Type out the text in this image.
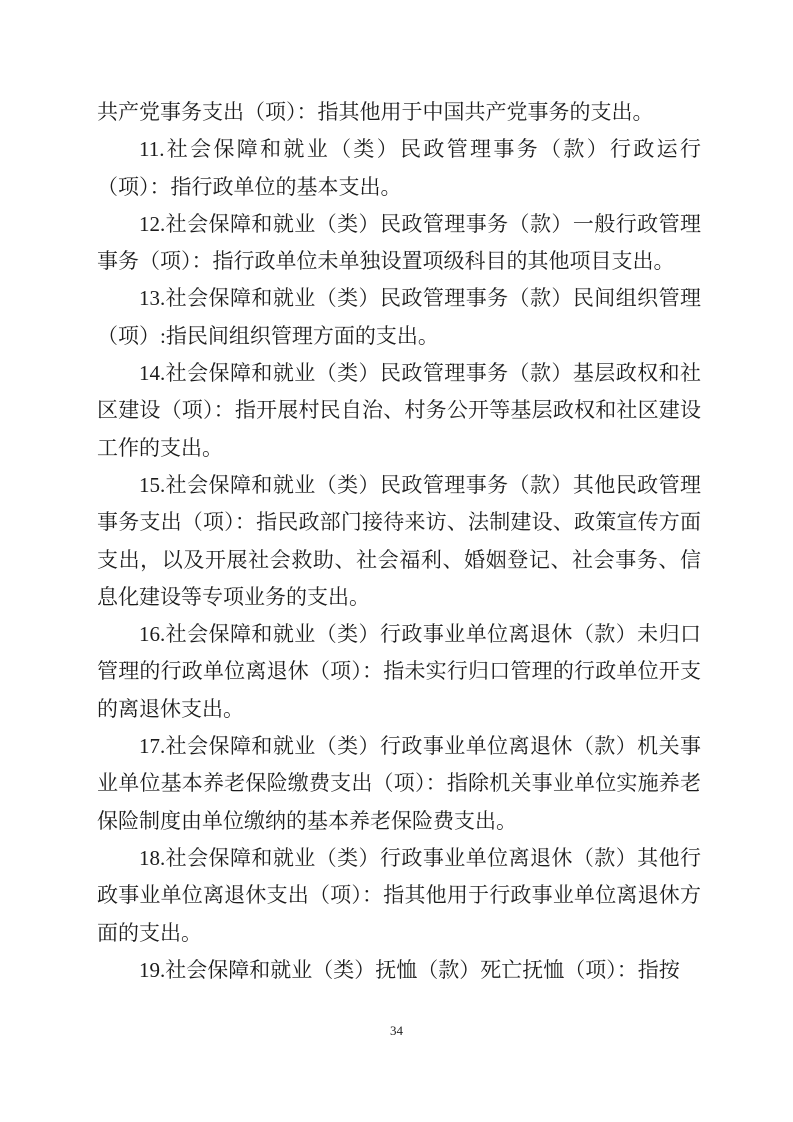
共产党事务支出（项）：指其他用于中国共产党事务的支出。

11.社会保障和就业（类）民政管理事务（款）行政运行（项）：指行政单位的基本支出。

12.社会保障和就业（类）民政管理事务（款）一般行政管理事务（项）：指行政单位未单独设置项级科目的其他项目支出。

13.社会保障和就业（类）民政管理事务（款）民间组织管理（项）:指民间组织管理方面的支出。

14.社会保障和就业（类）民政管理事务（款）基层政权和社区建设（项）：指开展村民自治、村务公开等基层政权和社区建设工作的支出。

15.社会保障和就业（类）民政管理事务（款）其他民政管理事务支出（项）：指民政部门接待来访、法制建设、政策宣传方面支出，以及开展社会救助、社会福利、婚姻登记、社会事务、信息化建设等专项业务的支出。

16.社会保障和就业（类）行政事业单位离退休（款）未归口管理的行政单位离退休（项）：指未实行归口管理的行政单位开支的离退休支出。

17.社会保障和就业（类）行政事业单位离退休（款）机关事业单位基本养老保险缴费支出（项）：指除机关事业单位实施养老保险制度由单位缴纳的基本养老保险费支出。

18.社会保障和就业（类）行政事业单位离退休（款）其他行政事业单位离退休支出（项）：指其他用于行政事业单位离退休方面的支出。

19.社会保障和就业（类）抚恤（款）死亡抚恤（项）：指按

34
